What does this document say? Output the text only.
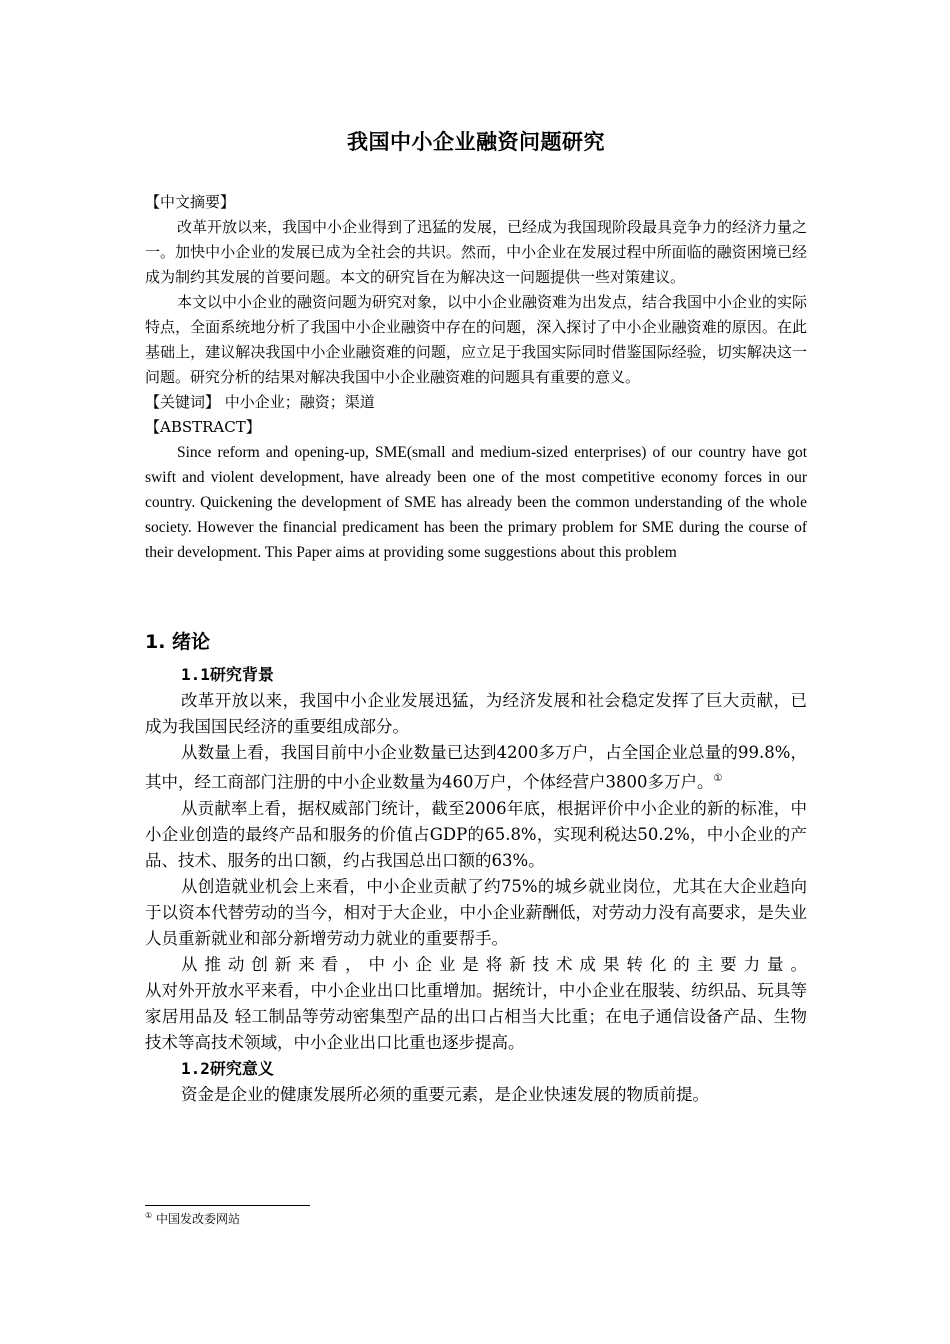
我国中小企业融资问题研究

【中文摘要】

改革开放以来，我国中小企业得到了迅猛的发展，已经成为我国现阶段最具竞争力的经济力量之一。加快中小企业的发展已成为全社会的共识。然而，中小企业在发展过程中所面临的融资困境已经成为制约其发展的首要问题。本文的研究旨在为解决这一问题提供一些对策建议。

本文以中小企业的融资问题为研究对象，以中小企业融资难为出发点，结合我国中小企业的实际特点，全面系统地分析了我国中小企业融资中存在的问题，深入探讨了中小企业融资难的原因。在此基础上，建议解决我国中小企业融资难的问题，应立足于我国实际同时借鉴国际经验，切实解决这一问题。研究分析的结果对解决我国中小企业融资难的问题具有重要的意义。

【关键词】 中小企业；融资；渠道

【ABSTRACT】

Since reform and opening-up, SME(small and medium-sized enterprises) of our country have got swift and violent development, have already been one of the most competitive economy forces in our country. Quickening the development of SME has already been the common understanding of the whole society. However the financial predicament has been the primary problem for SME during the course of their development. This Paper aims at providing some suggestions about this problem

1. 绪论
1.1研究背景

改革开放以来，我国中小企业发展迅猛，为经济发展和社会稳定发挥了巨大贡献，已成为我国国民经济的重要组成部分。

从数量上看，我国目前中小企业数量已达到4200多万户，占全国企业总量的99.8%，其中，经工商部门注册的中小企业数量为460万户，个体经营户3800多万户。①

从贡献率上看，据权威部门统计，截至2006年底，根据评价中小企业的新的标准，中小企业创造的最终产品和服务的价值占GDP的65.8%，实现利税达50.2%，中小企业的产品、技术、服务的出口额，约占我国总出口额的63%。

从创造就业机会上来看，中小企业贡献了约75%的城乡就业岗位，尤其在大企业趋向于以资本代替劳动的当今，相对于大企业，中小企业薪酬低，对劳动力没有高要求，是失业人员重新就业和部分新增劳动力就业的重要帮手。

从推动创新来看，中小企业是将新技术成果转化的主要力量。

从对外开放水平来看，中小企业出口比重增加。据统计，中小企业在服装、纺织品、玩具等家居用品及 轻工制品等劳动密集型产品的出口占相当大比重；在电子通信设备产品、生物技术等高技术领域，中小企业出口比重也逐步提高。

1.2研究意义

资金是企业的健康发展所必须的重要元素，是企业快速发展的物质前提。

① 中国发改委网站
